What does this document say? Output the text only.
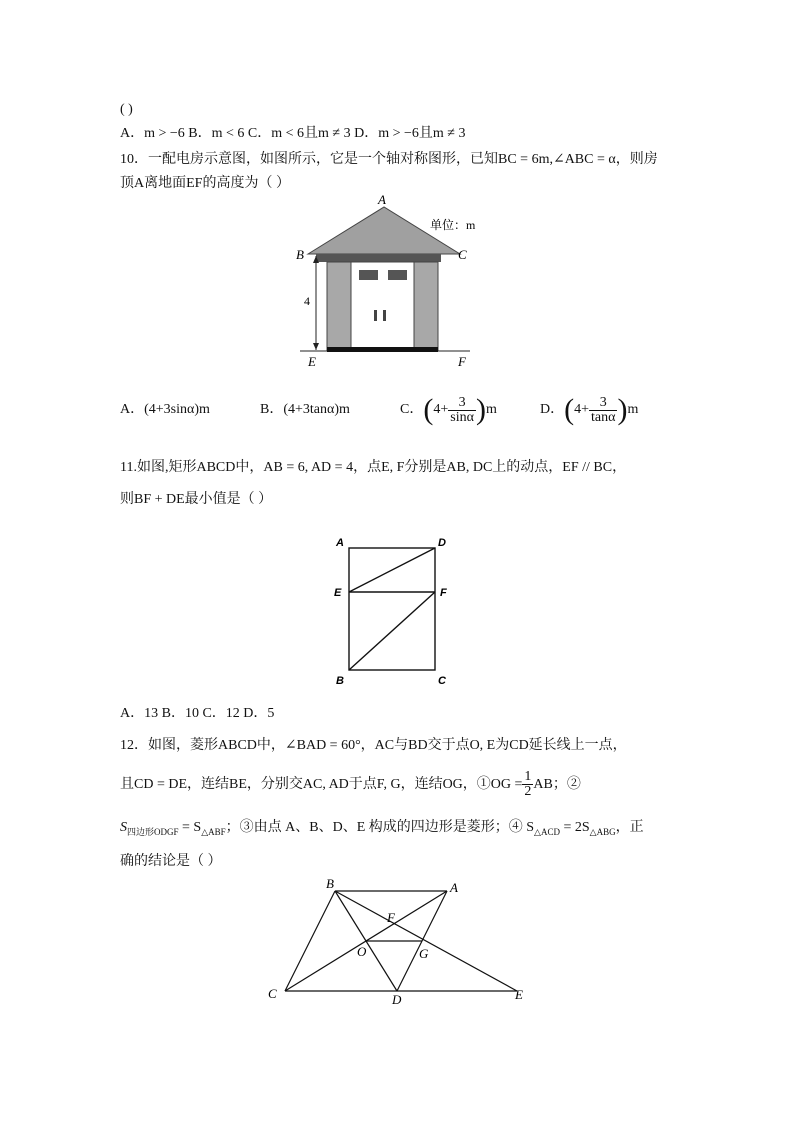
( )
A．m > −6 B．m < 6 C．m < 6且m ≠ 3 D．m > −6且m ≠ 3
10．一配电房示意图，如图所示，它是一个轴对称图形，已知BC = 6m,∠ABC = α，则房
顶A离地面EF的高度为（ ）
4
A
B	C
E	F
单位：m
A．(4+3sinα)m	B．(4+3tanα)m	C．$(4+ \frac{3}{\sin\alpha} )m$	D．$(4+ \frac{3}{\tan\alpha} )m$
11.如图,矩形ABCD中，AB = 6, AD = 4，点E, F分别是AB, DC上的动点，EF // BC，
则BF + DE最小值是（ ）
A	D
E	F
B	C
A．13 B．10 C．12 D．5
12．如图，菱形ABCD中，∠BAD = 60°，AC与BD交于点O, E为CD延长线上一点，
且CD = DE，连结BE，分别交AC, AD于点F, G，连结OG，①OG = $\frac{1}{2}$ AB；②
$S_{四边形ODGF} = S_{\triangle ABF}$；③由点 A、B、D、E 构成的四边形是菱形；④ $S_{\triangle ACD} = 2S_{\triangle ABG}$，正
确的结论是（ ）
B	A
F
O	G
C	D	E
